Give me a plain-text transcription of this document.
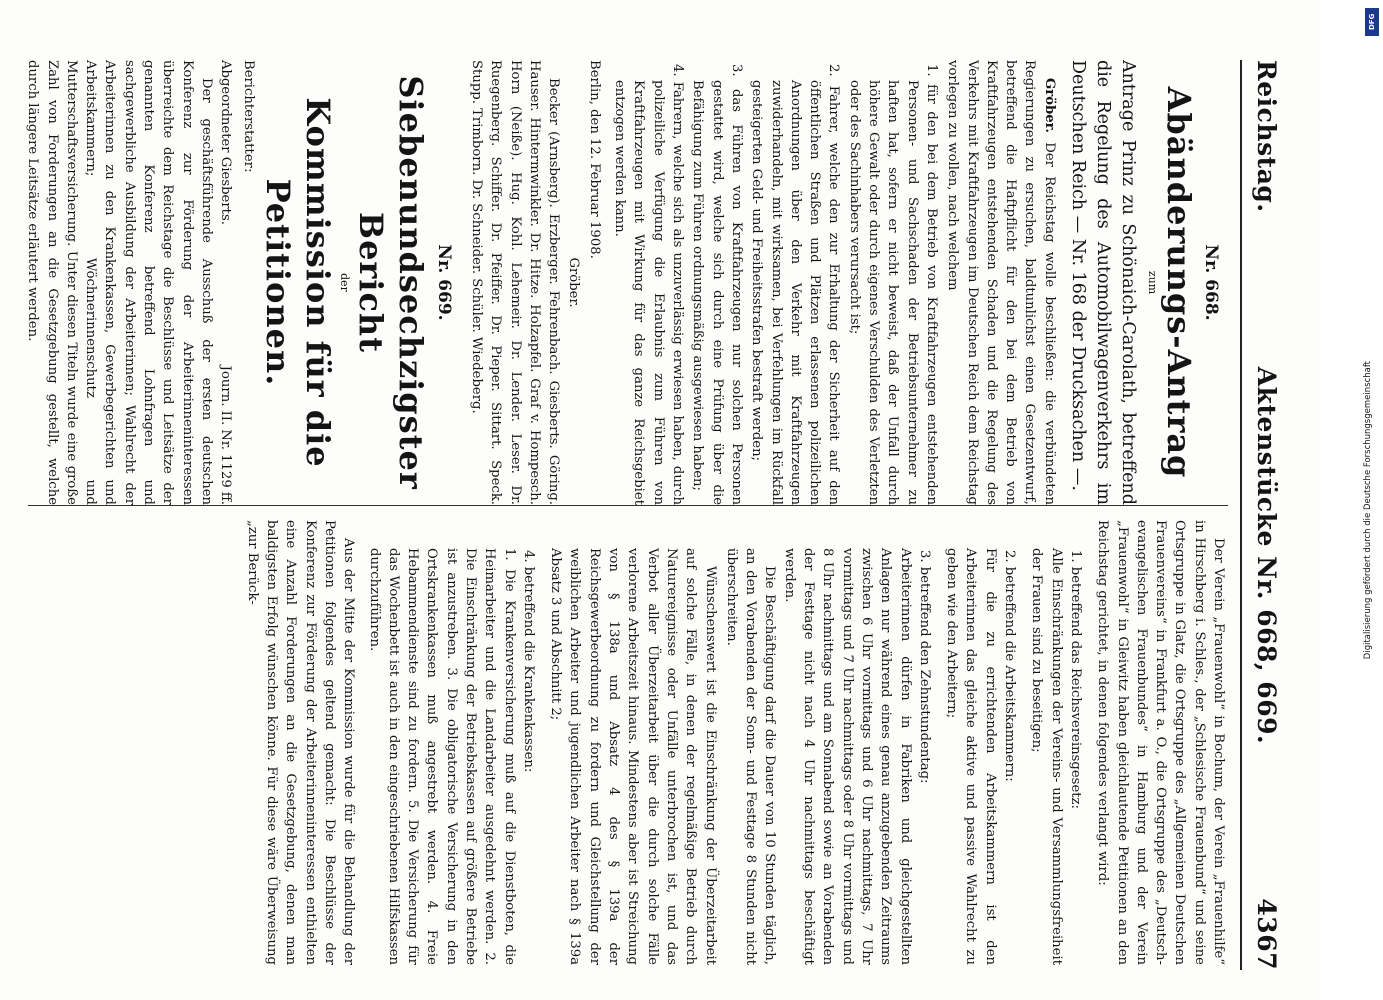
Reichstag.
Aktenstücke Nr. 668, 669.
4367
Nr. 668.
Abänderungs-Antrag
zum
Antrage Prinz zu Schönaich-Carolath, betreffend die Regelung des Automobilwagenverkehrs im Deutschen Reich — Nr. 168 der Drucksachen —.

Gröber. Der Reichstag wolle beschließen: die verbündeten Regierungen zu ersuchen, baldtunlichst einen Gesetzentwurf, betreffend die Haftpflicht für den bei dem Betrieb von Kraftfahrzeugen entstehenden Schaden und die Regelung des Verkehrs mit Kraftfahrzeugen im Deutschen Reich dem Reichstag vorlegen zu wollen, nach welchem

1. für den bei dem Betrieb von Kraftfahrzeugen entstehenden Personen- und Sachschaden der Betriebsunternehmer zu haften hat, sofern er nicht beweist, daß der Unfall durch höhere Gewalt oder durch eigenes Verschulden des Verletzten oder des Sachinhabers verursacht ist;
2. Fahrer, welche den zur Erhaltung der Sicherheit auf den öffentlichen Straßen und Plätzen erlassenen polizeilichen Anordnungen über den Verkehr mit Kraftfahrzeugen zuwiderhandeln, mit wirksamen, bei Verfehlungen im Rückfall gesteigerten Geld- und Freiheitsstrafen bestraft werden;
3. das Führen von Kraftfahrzeugen nur solchen Personen gestattet wird, welche sich durch eine Prüfung über die Befähigung zum Führen ordnungsmäßig ausgewiesen haben;
4. Fahrern, welche sich als unzuverlässig erwiesen haben, durch polizeiliche Verfügung die Erlaubnis zum Führen von Kraftfahrzeugen mit Wirkung für das ganze Reichsgebiet entzogen werden kann.
Berlin, den 12. Februar 1908.
Gröber.

Becker (Arnsberg). Erzberger. Fehrenbach. Giesberts. Göring. Hauser. Hintermwinkler. Dr. Hitze. Holzapfel. Graf v. Hompesch. Horn (Neiße). Hug. Kohl. Lehemeir. Dr. Lender. Leser. Dr. Ruegenberg. Schiffer. Dr. Pfeiffer. Dr. Pieper. Sittart. Speck. Stupp. Trimborn. Dr. Schneider. Schüler. Wiedeberg.

Nr. 669.
Siebenundsechzigster Bericht
der
Kommission für die Petitionen.
Berichterstatter:
Abgeordneter Giesberts.
Journ. II. Nr. 1129 ff.

Der geschäftsführende Ausschuß der ersten deutschen Konferenz zur Förderung der Arbeiterinneninteressen überreichte dem Reichstage die Beschlüsse und Leitsätze der genannten Konferenz betreffend Lohnfragen und sachgewerbliche Ausbildung der Arbeiterinnen; Wahlrecht der Arbeiterinnen zu den Krankenkassen, Gewerbegerichten und Arbeitskammern; Wöchnerinnenschutz und Mutterschaftsversicherung. Unter diesen Titeln wurde eine große Zahl von Forderungen an die Gesetzgebung gestellt, welche durch längere Leitsätze erläutert werden.

Der Verein „Frauenwohl“ in Bochum, der Verein „Frauenhilfe“ in Hirschberg i. Schles., der „Schlesische Frauenbund“ und seine Ortsgruppe in Glatz, die Ortsgruppe des „Allgemeinen Deutschen Frauenvereins“ in Frankfurt a. O., die Ortsgruppe des „Deutsch-evangelischen Frauenbundes“ in Hamburg und der Verein „Frauenwohl“ in Gleiwitz haben gleichlautende Petitionen an den Reichstag gerichtet, in denen folgendes verlangt wird:

1. betreffend das Reichsvereinsgesetz:
Alle Einschränkungen der Vereins- und Versammlungsfreiheit der Frauen sind zu beseitigen;
2. betreffend die Arbeitskammern:
Für die zu errichtenden Arbeitskammern ist den Arbeiterinnen das gleiche aktive und passive Wahlrecht zu geben wie den Arbeitern;
3. betreffend den Zehnstundentag:
Arbeiterinnen dürfen in Fabriken und gleichgestellten Anlagen nur während eines genau anzugebenden Zeitraums zwischen 6 Uhr vormittags und 6 Uhr nachmittags, 7 Uhr vormittags und 7 Uhr nachmittags oder 8 Uhr vormittags und 8 Uhr nachmittags und am Sonnabend sowie an Vorabenden der Festtage nicht nach 4 Uhr nachmittags beschäftigt werden.

Die Beschäftigung darf die Dauer von 10 Stunden täglich, an den Vorabenden der Sonn- und Festtage 8 Stunden nicht überschreiten.

Wünschenswert ist die Einschränkung der Überzeitarbeit auf solche Fälle, in denen der regelmäßige Betrieb durch Naturereignisse oder Unfälle unterbrochen ist, und das Verbot aller Überzeitarbeit über die durch solche Fälle verlorene Arbeitszeit hinaus. Mindestens aber ist Streichung von § 138a und Absatz 4 des § 139a der Reichsgewerbeordnung zu fordern und Gleichstellung der weiblichen Arbeiter und jugendlichen Arbeiter nach § 139a Absatz 3 und Abschnitt 2;

4. betreffend die Krankenkassen:
1. Die Krankenversicherung muß auf die Dienstboten, die Heimarbeiter und die Landarbeiter ausgedehnt werden. 2. Die Einschränkung der Betriebskassen auf größere Betriebe ist anzustreben. 3. Die obligatorische Versicherung in den Ortskrankenkassen muß angestrebt werden. 4. Freie Hebammendienste sind zu fordern. 5. Die Versicherung für das Wochenbett ist auch in den eingeschriebenen Hilfskassen durchzuführen.

Aus der Mitte der Kommission wurde für die Behandlung der Petitionen folgendes geltend gemacht: Die Beschlüsse der Konferenz zur Förderung der Arbeiterinneninteressen enthielten eine Anzahl Forderungen an die Gesetzgebung, denen man baldigsten Erfolg wünschen könne. Für diese wäre Überweisung „zur Berück-	Digitalisierung gefördert durch die Deutsche Forschungsgemeinschaft
DFG
